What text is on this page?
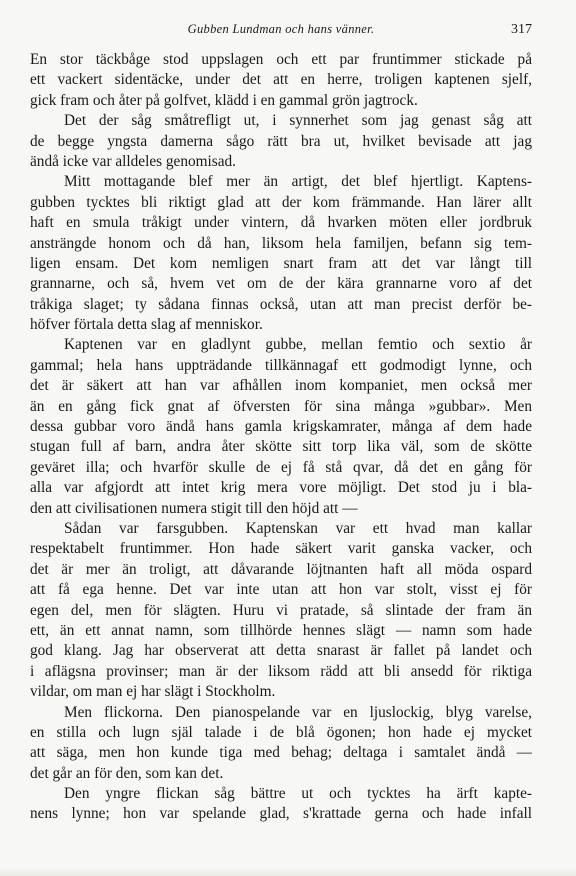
Gubben Lundman och hans vänner.	317
En stor täckbåge stod uppslagen och ett par fruntimmer stickade på
ett vackert sidentäcke, under det att en herre, troligen kaptenen sjelf,
gick fram och åter på golfvet, klädd i en gammal grön jagtrock.
Det der såg småtrefligt ut, i synnerhet som jag genast såg att
de begge yngsta damerna sågo rätt bra ut, hvilket bevisade att jag
ändå icke var alldeles genomisad.
Mitt mottagande blef mer än artigt, det blef hjertligt. Kaptens-
gubben tycktes bli riktigt glad att der kom främmande. Han lärer allt
haft en smula tråkigt under vintern, då hvarken möten eller jordbruk
ansträngde honom och då han, liksom hela familjen, befann sig tem-
ligen ensam. Det kom nemligen snart fram att det var långt till
grannarne, och så, hvem vet om de der kära grannarne voro af det
tråkiga slaget; ty sådana finnas också, utan att man precist derför be-
höfver förtala detta slag af menniskor.
Kaptenen var en gladlynt gubbe, mellan femtio och sextio år
gammal; hela hans uppträdande tillkännagaf ett godmodigt lynne, och
det är säkert att han var afhållen inom kompaniet, men också mer
än en gång fick gnat af öfversten för sina många »gubbar». Men
dessa gubbar voro ändå hans gamla krigskamrater, många af dem hade
stugan full af barn, andra åter skötte sitt torp lika väl, som de skötte
geväret illa; och hvarför skulle de ej få stå qvar, då det en gång för
alla var afgjordt att intet krig mera vore möjligt. Det stod ju i bla-
den att civilisationen numera stigit till den höjd att —
Sådan var farsgubben. Kaptenskan var ett hvad man kallar
respektabelt fruntimmer. Hon hade säkert varit ganska vacker, och
det är mer än troligt, att dåvarande löjtnanten haft all möda ospard
att få ega henne. Det var inte utan att hon var stolt, visst ej för
egen del, men för slägten. Huru vi pratade, så slintade der fram än
ett, än ett annat namn, som tillhörde hennes slägt — namn som hade
god klang. Jag har observerat att detta snarast är fallet på landet och
i aflägsna provinser; man är der liksom rädd att bli ansedd för riktiga
vildar, om man ej har slägt i Stockholm.
Men flickorna. Den pianospelande var en ljuslockig, blyg varelse,
en stilla och lugn själ talade i de blå ögonen; hon hade ej mycket
att säga, men hon kunde tiga med behag; deltaga i samtalet ändå —
det går an för den, som kan det.
Den yngre flickan såg bättre ut och tycktes ha ärft kapte-
nens lynne; hon var spelande glad, s'krattade gerna och hade infall
